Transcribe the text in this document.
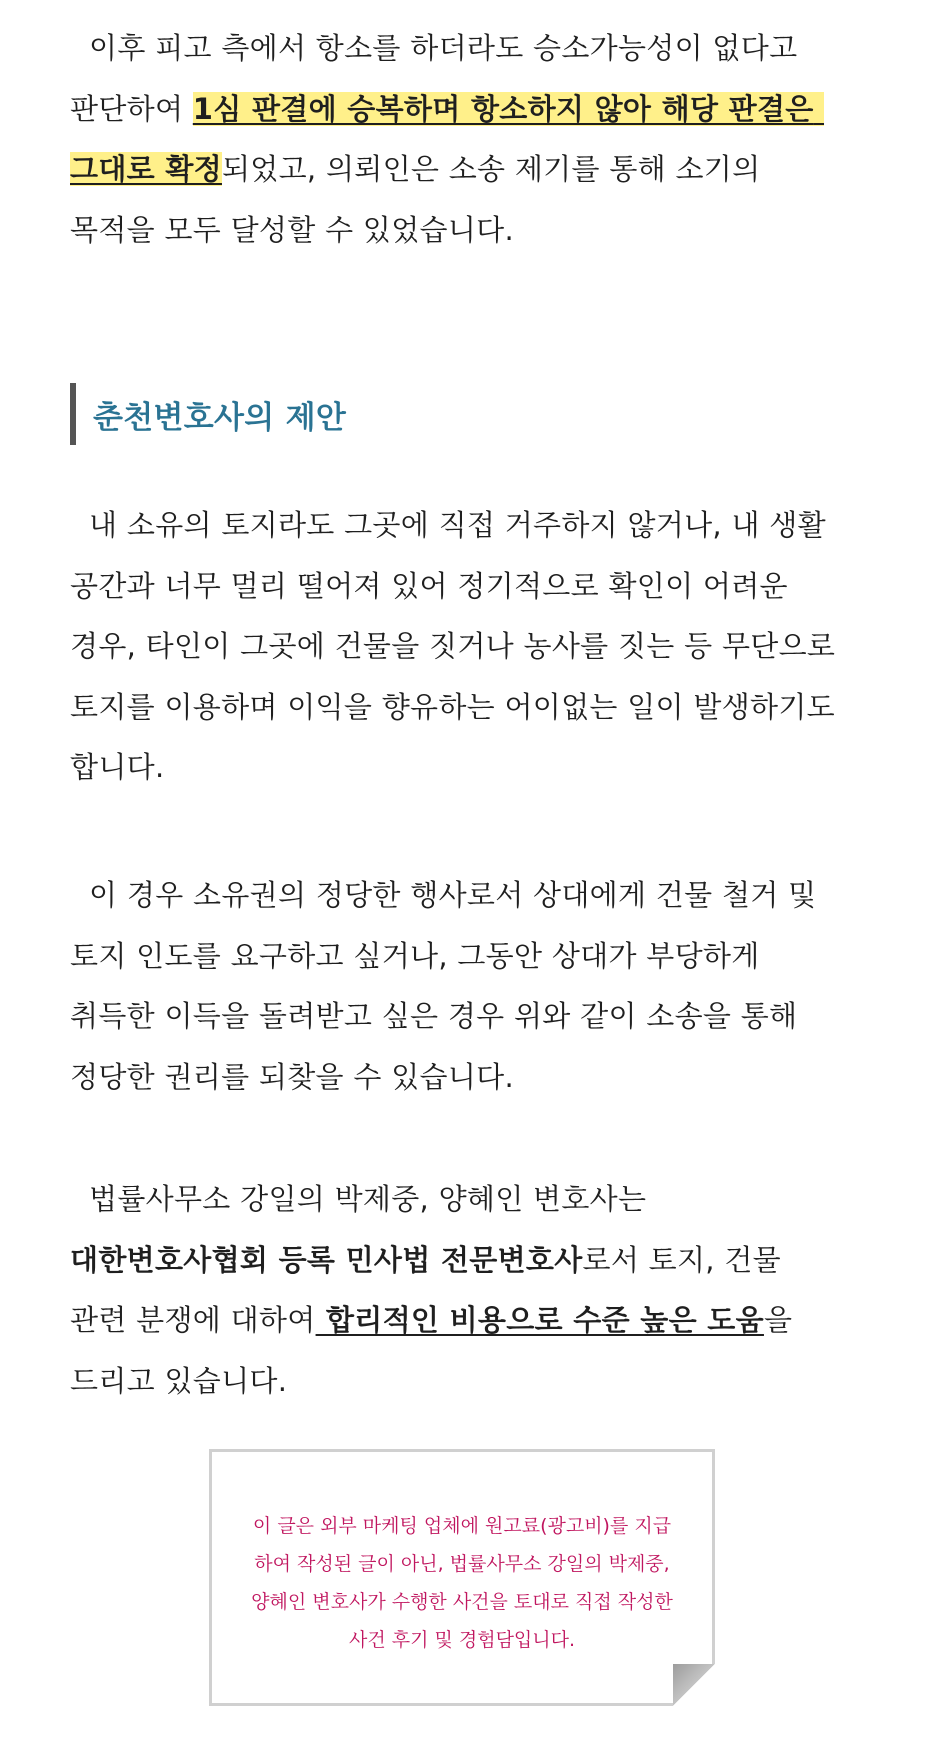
이후 피고 측에서 항소를 하더라도 승소가능성이 없다고 판단하여 1심 판결에 승복하며 항소하지 않아 해당 판결은 그대로 확정되었고, 의뢰인은 소송 제기를 통해 소기의 목적을 모두 달성할 수 있었습니다.

춘천변호사의 제안

내 소유의 토지라도 그곳에 직접 거주하지 않거나, 내 생활 공간과 너무 멀리 떨어져 있어 정기적으로 확인이 어려운 경우, 타인이 그곳에 건물을 짓거나 농사를 짓는 등 무단으로 토지를 이용하며 이익을 향유하는 어이없는 일이 발생하기도 합니다.

이 경우 소유권의 정당한 행사로서 상대에게 건물 철거 및 토지 인도를 요구하고 싶거나, 그동안 상대가 부당하게 취득한 이득을 돌려받고 싶은 경우 위와 같이 소송을 통해 정당한 권리를 되찾을 수 있습니다.

법률사무소 강일의 박제중, 양혜인 변호사는 대한변호사협회 등록 민사법 전문변호사로서 토지, 건물 관련 분쟁에 대하여 합리적인 비용으로 수준 높은 도움을 드리고 있습니다.

이 글은 외부 마케팅 업체에 원고료(광고비)를 지급
하여 작성된 글이 아닌, 법률사무소 강일의 박제중,
양혜인 변호사가 수행한 사건을 토대로 직접 작성한
사건 후기 및 경험담입니다.
